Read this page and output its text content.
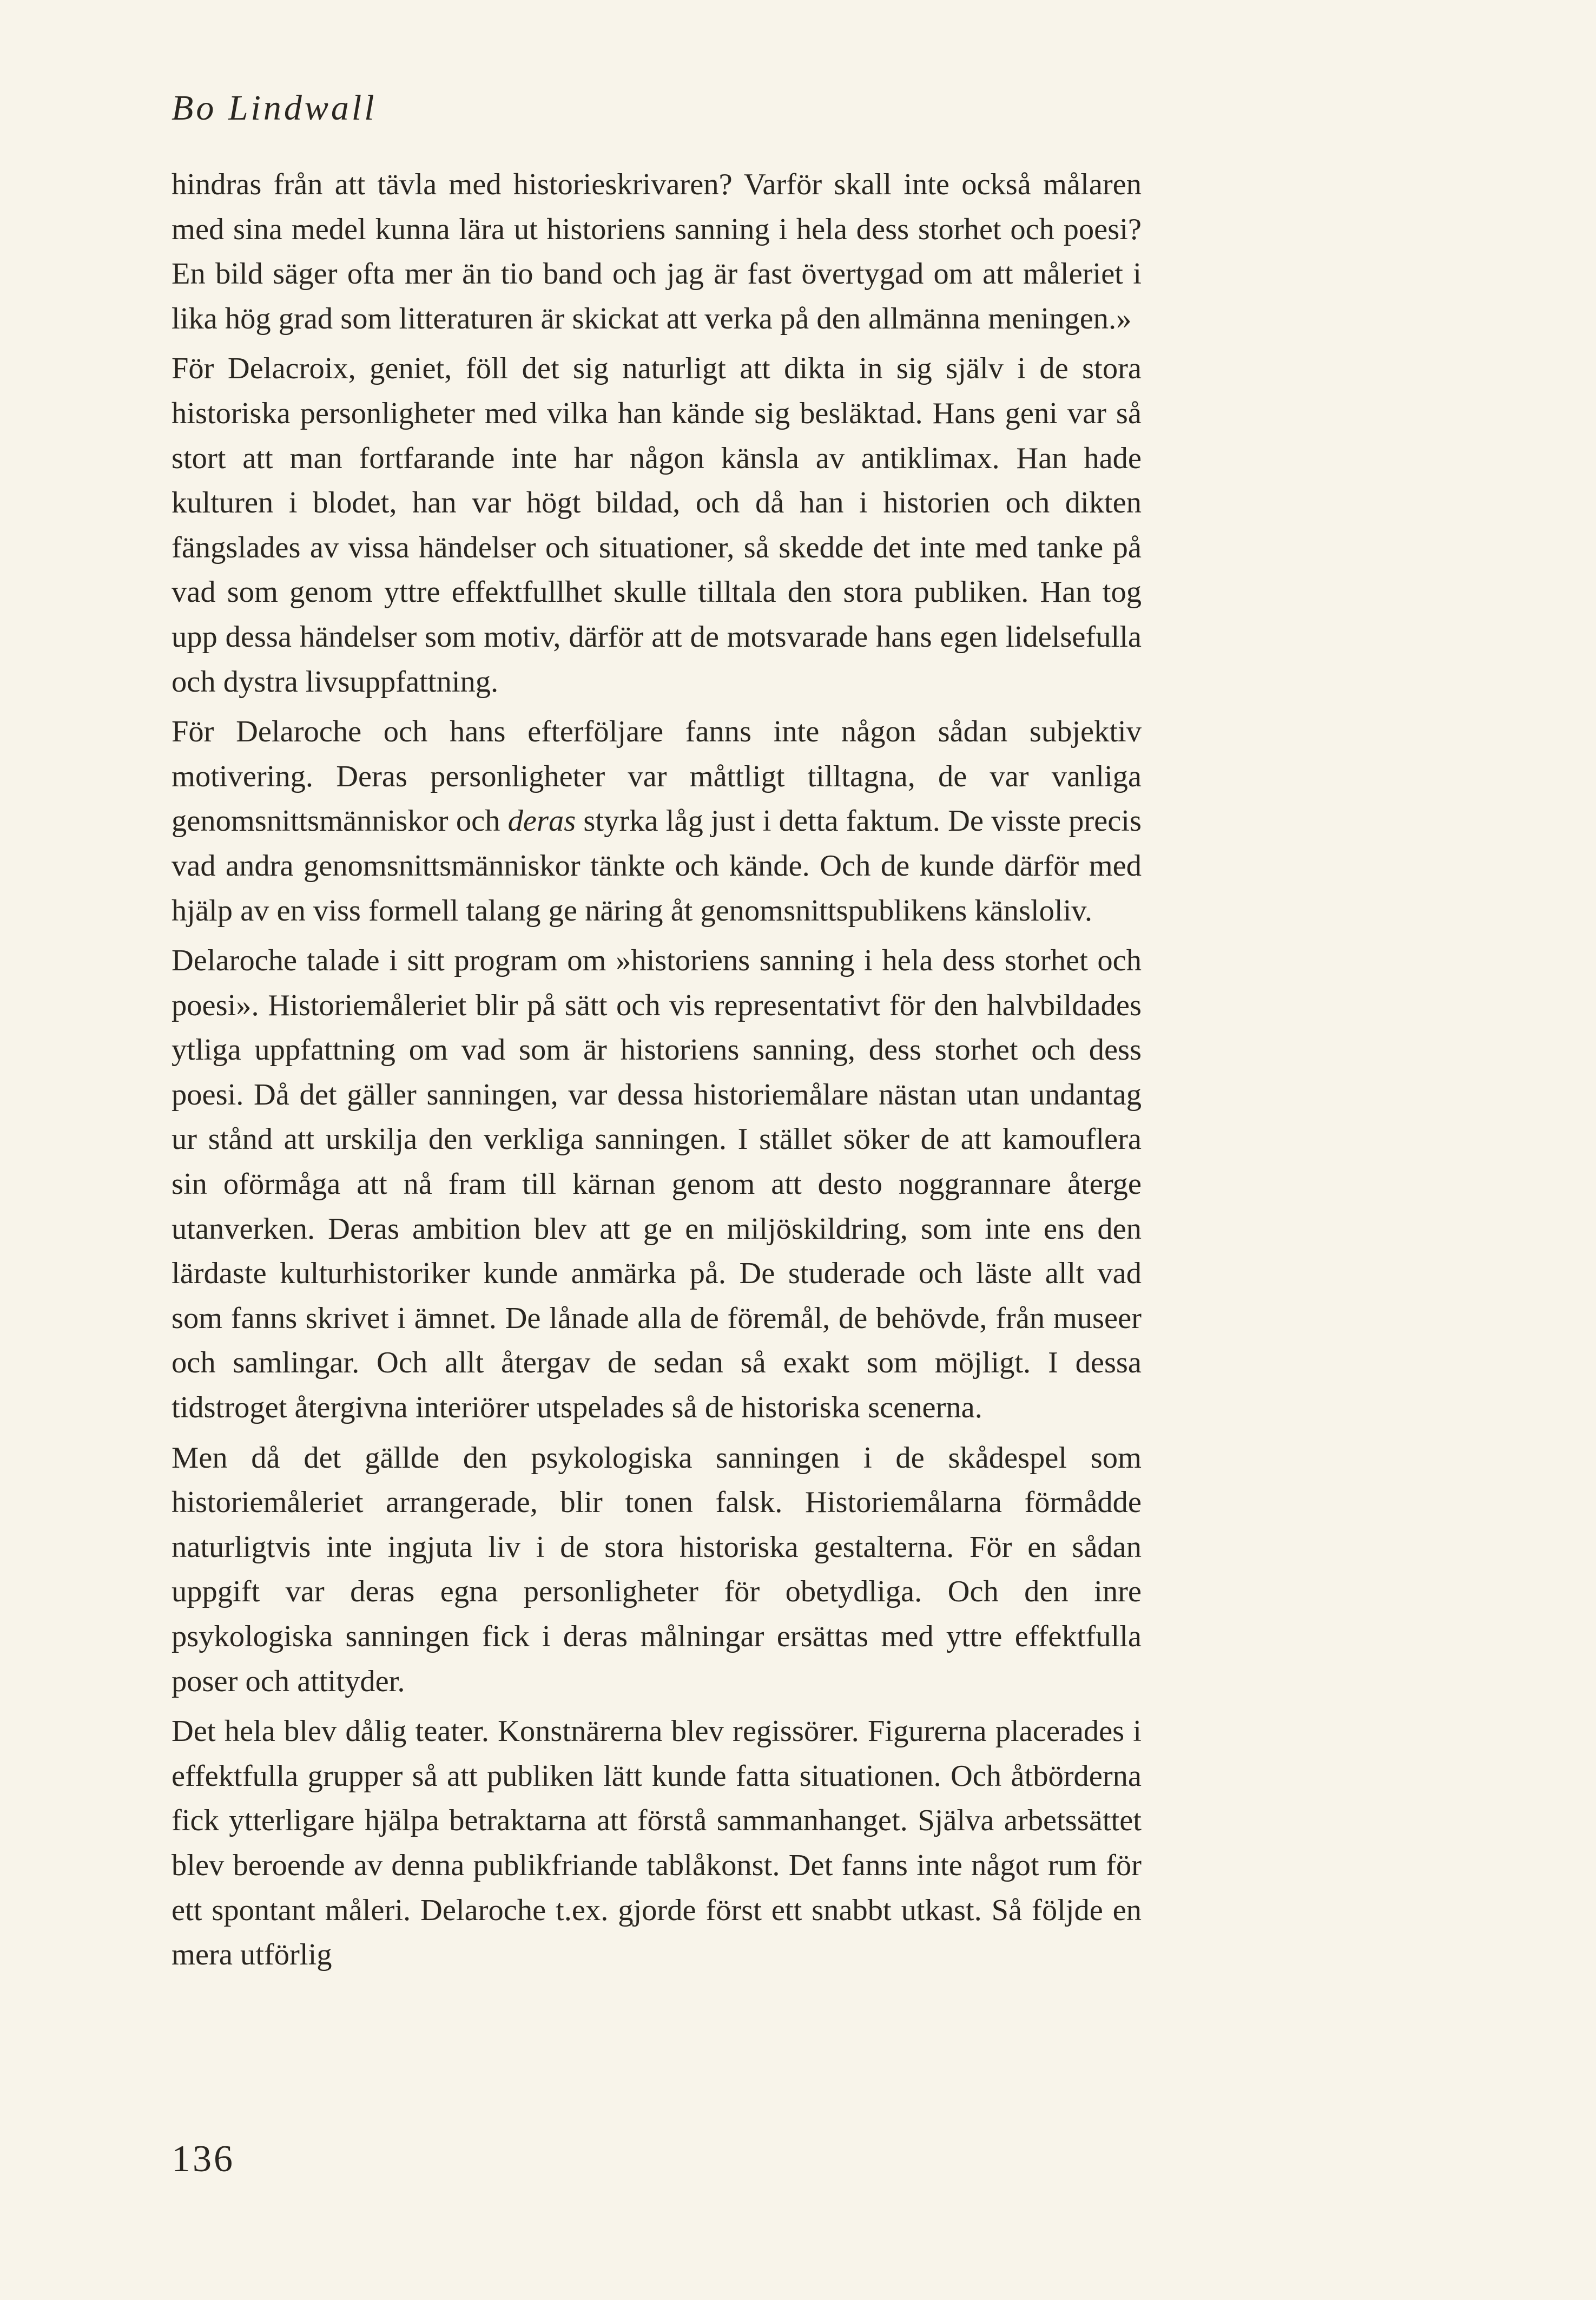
Bo Lindwall

hindras från att tävla med historieskrivaren? Varför skall inte också målaren med sina medel kunna lära ut historiens sanning i hela dess storhet och poesi? En bild säger ofta mer än tio band och jag är fast övertygad om att måleriet i lika hög grad som litteraturen är skickat att verka på den allmänna meningen.»

För Delacroix, geniet, föll det sig naturligt att dikta in sig själv i de stora historiska personligheter med vilka han kände sig besläktad. Hans geni var så stort att man fortfarande inte har någon känsla av antiklimax. Han hade kulturen i blodet, han var högt bildad, och då han i historien och dikten fängslades av vissa händelser och situationer, så skedde det inte med tanke på vad som genom yttre effektfullhet skulle tilltala den stora publiken. Han tog upp dessa händelser som motiv, därför att de motsvarade hans egen lidelsefulla och dystra livsuppfattning.

För Delaroche och hans efterföljare fanns inte någon sådan subjektiv motivering. Deras personligheter var måttligt tilltagna, de var vanliga genomsnittsmänniskor och deras styrka låg just i detta faktum. De visste precis vad andra genomsnittsmänniskor tänkte och kände. Och de kunde därför med hjälp av en viss formell talang ge näring åt genomsnittspublikens känsloliv.

Delaroche talade i sitt program om »historiens sanning i hela dess storhet och poesi». Historiemåleriet blir på sätt och vis representativt för den halvbildades ytliga uppfattning om vad som är historiens sanning, dess storhet och dess poesi. Då det gäller sanningen, var dessa historiemålare nästan utan undantag ur stånd att urskilja den verkliga sanningen. I stället söker de att kamouflera sin oförmåga att nå fram till kärnan genom att desto noggrannare återge utanverken. Deras ambition blev att ge en miljöskildring, som inte ens den lärdaste kulturhistoriker kunde anmärka på. De studerade och läste allt vad som fanns skrivet i ämnet. De lånade alla de föremål, de behövde, från museer och samlingar. Och allt återgav de sedan så exakt som möjligt. I dessa tidstroget återgivna interiörer utspelades så de historiska scenerna.

Men då det gällde den psykologiska sanningen i de skådespel som historiemåleriet arrangerade, blir tonen falsk. Historiemålarna förmådde naturligtvis inte ingjuta liv i de stora historiska gestalterna. För en sådan uppgift var deras egna personligheter för obetydliga. Och den inre psykologiska sanningen fick i deras målningar ersättas med yttre effektfulla poser och attityder.

Det hela blev dålig teater. Konstnärerna blev regissörer. Figurerna placerades i effektfulla grupper så att publiken lätt kunde fatta situationen. Och åtbörderna fick ytterligare hjälpa betraktarna att förstå sammanhanget. Själva arbetssättet blev beroende av denna publikfriande tablåkonst. Det fanns inte något rum för ett spontant måleri. Delaroche t.ex. gjorde först ett snabbt utkast. Så följde en mera utförlig

136
